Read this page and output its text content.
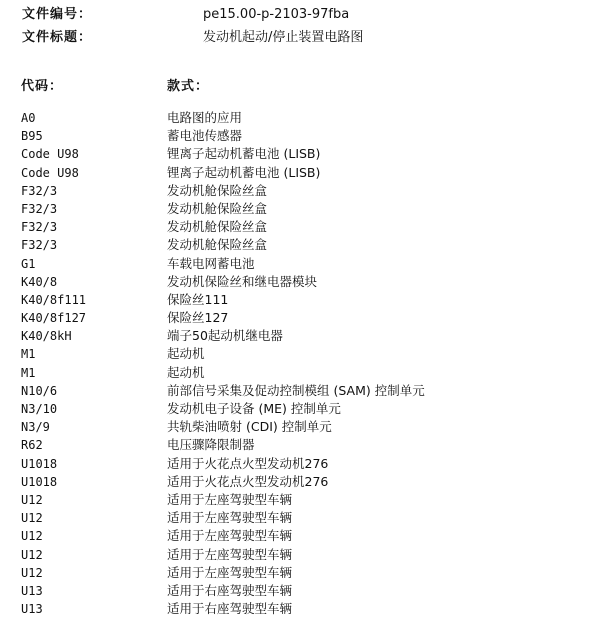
文件编号：	pe15.00-p-2103-97fba
文件标题：	发动机起动/停止装置电路图
代码：	款式：
A0	电路图的应用
B95	蓄电池传感器
Code U98	锂离子起动机蓄电池 (LISB)
Code U98	锂离子起动机蓄电池 (LISB)
F32/3	发动机舱保险丝盒
F32/3	发动机舱保险丝盒
F32/3	发动机舱保险丝盒
F32/3	发动机舱保险丝盒
G1	车载电网蓄电池
K40/8	发动机保险丝和继电器模块
K40/8f111	保险丝111
K40/8f127	保险丝127
K40/8kH	端子50起动机继电器
M1	起动机
M1	起动机
N10/6	前部信号采集及促动控制模组 (SAM) 控制单元
N3/10	发动机电子设备 (ME) 控制单元
N3/9	共轨柴油喷射 (CDI) 控制单元
R62	电压骤降限制器
U1018	适用于火花点火型发动机276
U1018	适用于火花点火型发动机276
U12	适用于左座驾驶型车辆
U12	适用于左座驾驶型车辆
U12	适用于左座驾驶型车辆
U12	适用于左座驾驶型车辆
U12	适用于左座驾驶型车辆
U13	适用于右座驾驶型车辆
U13	适用于右座驾驶型车辆
